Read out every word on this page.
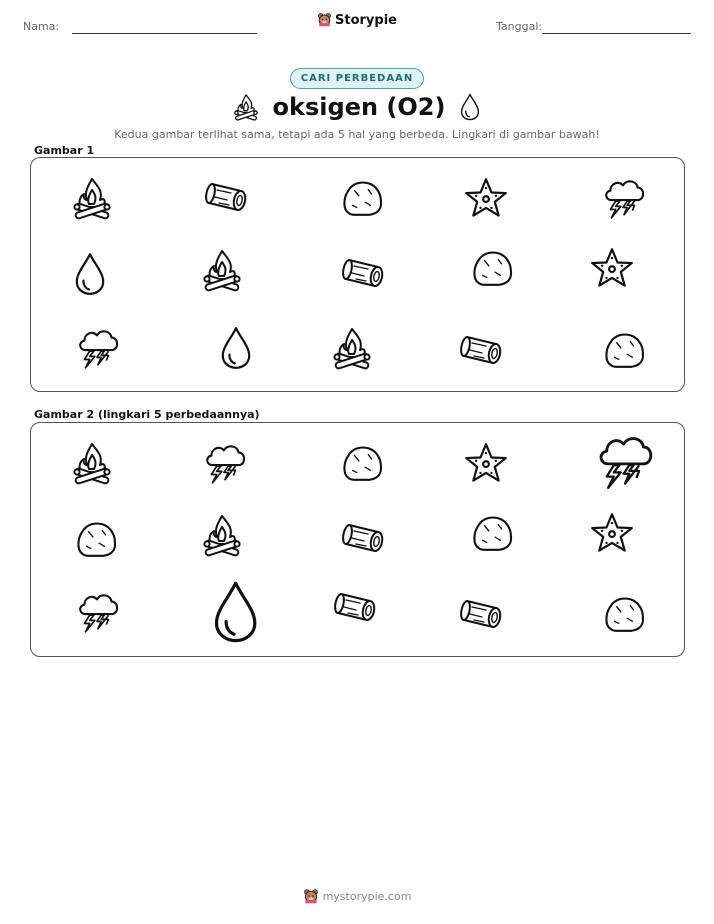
Nama:	Storypie	Tanggal:
CARI PERBEDAAN
oksigen (O2)
Kedua gambar terlihat sama, tetapi ada 5 hal yang berbeda. Lingkari di gambar bawah!
Gambar 1
Gambar 2 (lingkari 5 perbedaannya)
mystorypie.com
